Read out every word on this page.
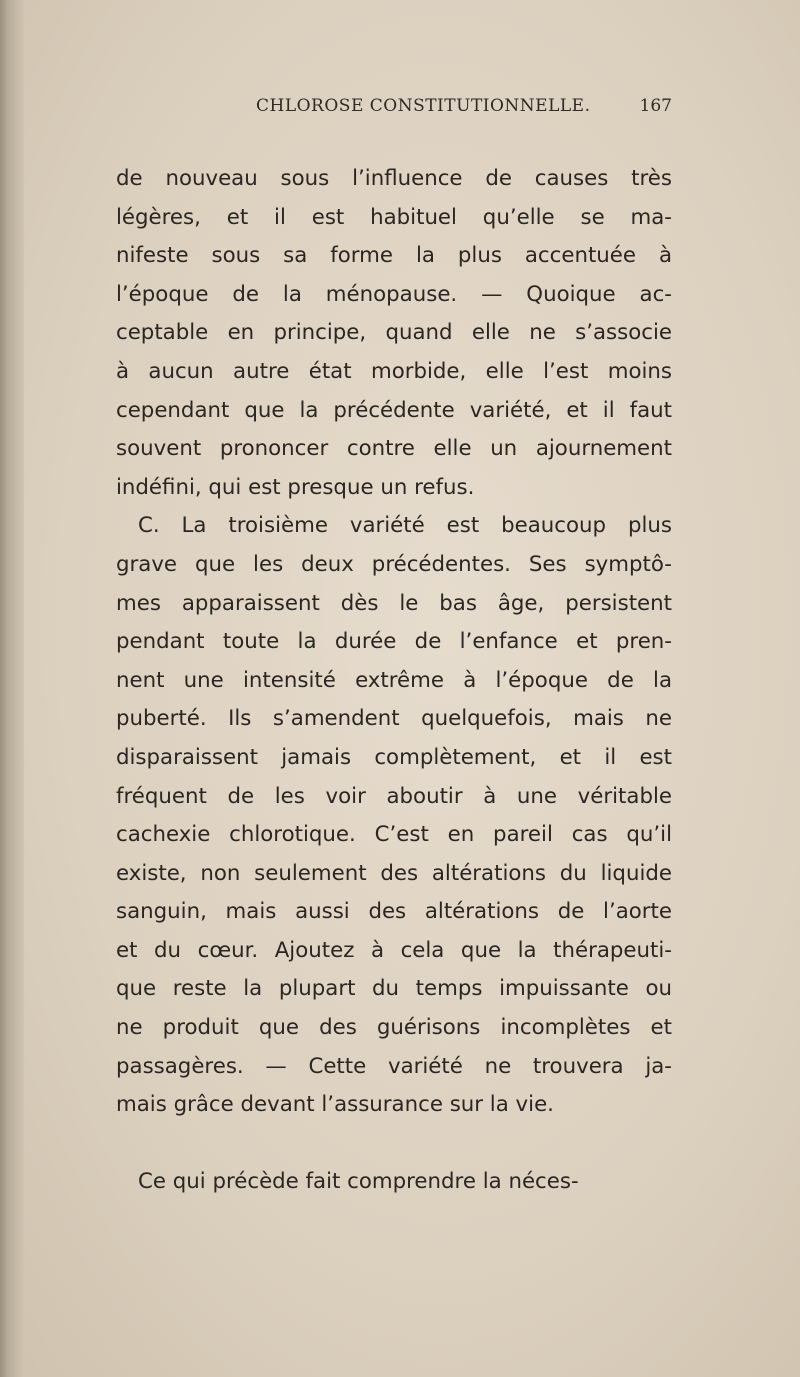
CHLOROSE CONSTITUTIONNELLE.	167
de nouveau sous l’influence de causes très
légères, et il est habituel qu’elle se ma-
nifeste sous sa forme la plus accentuée à
l’époque de la ménopause. — Quoique ac-
ceptable en principe, quand elle ne s’associe
à aucun autre état morbide, elle l’est moins
cependant que la précédente variété, et il faut
souvent prononcer contre elle un ajournement
indéfini, qui est presque un refus.
C. La troisième variété est beaucoup plus
grave que les deux précédentes. Ses symptô-
mes apparaissent dès le bas âge, persistent
pendant toute la durée de l’enfance et pren-
nent une intensité extrême à l’époque de la
puberté. Ils s’amendent quelquefois, mais ne
disparaissent jamais complètement, et il est
fréquent de les voir aboutir à une véritable
cachexie chlorotique. C’est en pareil cas qu’il
existe, non seulement des altérations du liquide
sanguin, mais aussi des altérations de l’aorte
et du cœur. Ajoutez à cela que la thérapeuti-
que reste la plupart du temps impuissante ou
ne produit que des guérisons incomplètes et
passagères. — Cette variété ne trouvera ja-
mais grâce devant l’assurance sur la vie.
Ce qui précède fait comprendre la néces-
